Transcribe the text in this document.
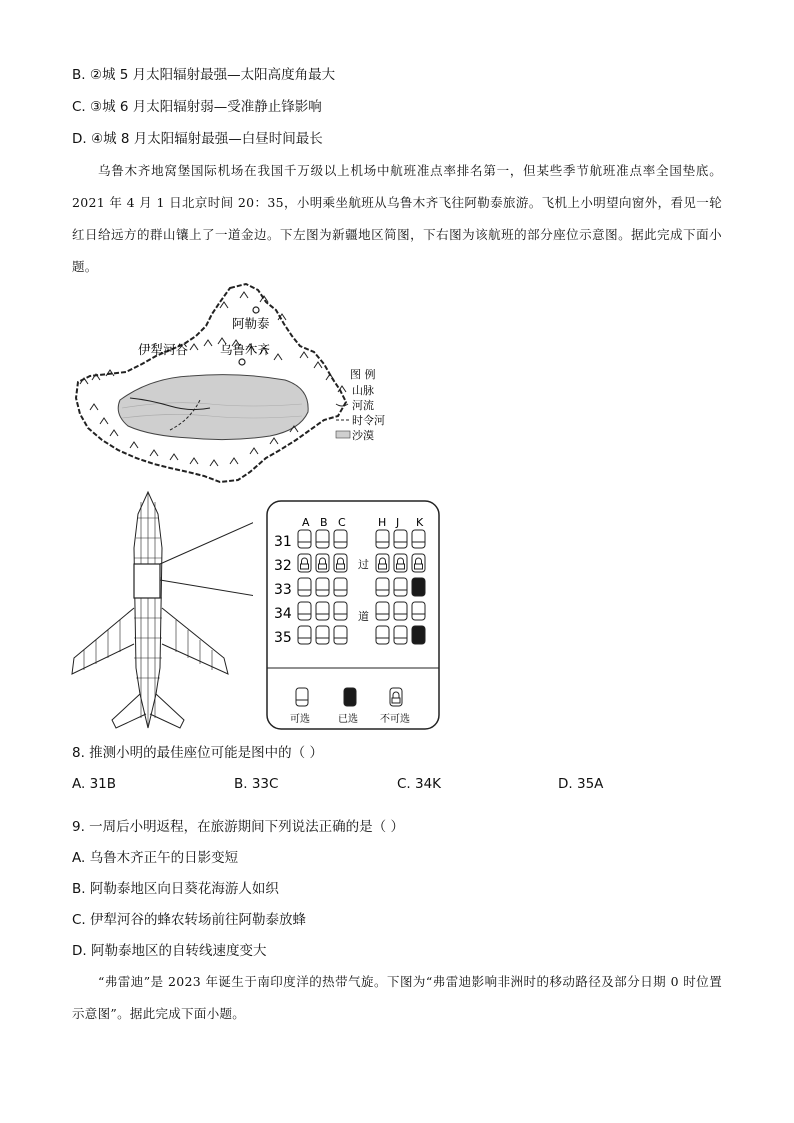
B. ②城 5 月太阳辐射最强—太阳高度角最大
C. ③城 6 月太阳辐射弱—受准静止锋影响
D. ④城 8 月太阳辐射最强—白昼时间最长
乌鲁木齐地窝堡国际机场在我国千万级以上机场中航班准点率排名第一，但某些季节航班准点率全国垫底。2021 年 4 月 1 日北京时间 20：35，小明乘坐航班从乌鲁木齐飞往阿勒泰旅游。飞机上小明望向窗外，看见一轮红日给远方的群山镶上了一道金边。下左图为新疆地区简图，下右图为该航班的部分座位示意图。据此完成下面小题。
阿勒泰
伊犁河谷	乌鲁木齐
图 例
山脉
河流
时令河
沙漠
A B C	H J K
31
32
33
34
35
过
道
可选	已选 不可选
8. 推测小明的最佳座位可能是图中的（ ）
A. 31B	B. 33C	C. 34K	D. 35A
9. 一周后小明返程，在旅游期间下列说法正确的是（ ）
A. 乌鲁木齐正午的日影变短
B. 阿勒泰地区向日葵花海游人如织
C. 伊犁河谷的蜂农转场前往阿勒泰放蜂
D. 阿勒泰地区的自转线速度变大
“弗雷迪”是 2023 年诞生于南印度洋的热带气旋。下图为“弗雷迪影响非洲时的移动路径及部分日期 0 时位置示意图”。据此完成下面小题。
